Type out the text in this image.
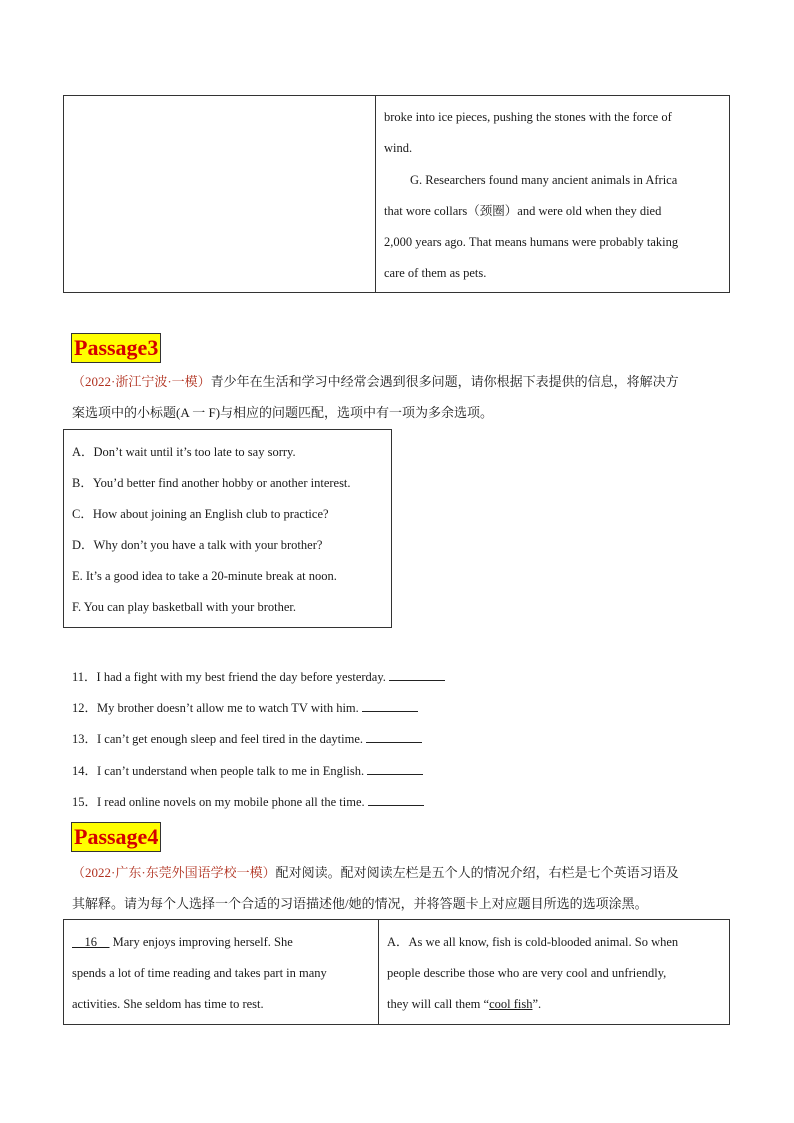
broke into ice pieces, pushing the stones with the force of
wind.
G. Researchers found many ancient animals in Africa
that wore collars（颈圈）and were old when they died
2,000 years ago. That means humans were probably taking
care of them as pets.
Passage3
（2022·浙江宁波·一模）青少年在生活和学习中经常会遇到很多问题，请你根据下表提供的信息，将解决方
案选项中的小标题(A 一 F)与相应的问题匹配，选项中有一项为多余选项。
A．Don’t wait until it’s too late to say sorry.
B．You’d better find another hobby or another interest.
C．How about joining an English club to practice?
D．Why don’t you have a talk with your brother?
E. It’s a good idea to take a 20-minute break at noon.
F. You can play basketball with your brother.
11．I had a fight with my best friend the day before yesterday.
12．My brother doesn’t allow me to watch TV with him.
13．I can’t get enough sleep and feel tired in the daytime.
14．I can’t understand when people talk to me in English.
15．I read online novels on my mobile phone all the time.
Passage4
（2022·广东·东莞外国语学校一模）配对阅读。配对阅读左栏是五个人的情况介绍，右栏是七个英语习语及
其解释。请为每个人选择一个合适的习语描述他/她的情况，并将答题卡上对应题目所选的选项涂黑。
16 Mary enjoys improving herself. She
spends a lot of time reading and takes part in many
activities. She seldom has time to rest.
A．As we all know, fish is cold-blooded animal. So when
people describe those who are very cool and unfriendly,
they will call them “cool fish”.
